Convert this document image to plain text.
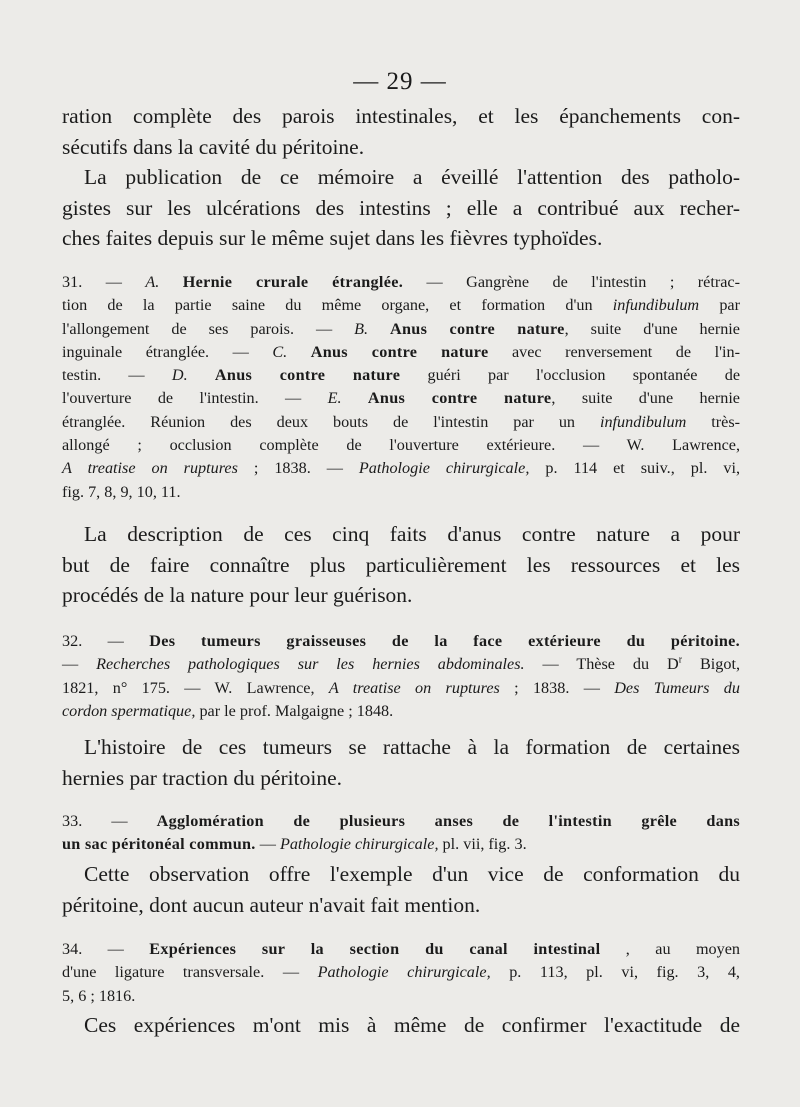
— 29 —
ration complète des parois intestinales, et les épanchements con-
sécutifs dans la cavité du péritoine.
La publication de ce mémoire a éveillé l'attention des patholo-
gistes sur les ulcérations des intestins ; elle a contribué aux recher-
ches faites depuis sur le même sujet dans les fièvres typhoïdes.
31. — A. Hernie crurale étranglée. — Gangrène de l'intestin ; rétrac-
tion de la partie saine du même organe, et formation d'un infundibulum par
l'allongement de ses parois. — B. Anus contre nature, suite d'une hernie
inguinale étranglée. — C. Anus contre nature avec renversement de l'in-
testin. — D. Anus contre nature guéri par l'occlusion spontanée de
l'ouverture de l'intestin. — E. Anus contre nature, suite d'une hernie
étranglée. Réunion des deux bouts de l'intestin par un infundibulum très-
allongé ; occlusion complète de l'ouverture extérieure. — W. Lawrence,
A treatise on ruptures ; 1838. — Pathologie chirurgicale, p. 114 et suiv., pl. vi,
fig. 7, 8, 9, 10, 11.
La description de ces cinq faits d'anus contre nature a pour
but de faire connaître plus particulièrement les ressources et les
procédés de la nature pour leur guérison.
32. — Des tumeurs graisseuses de la face extérieure du péritoine.
— Recherches pathologiques sur les hernies abdominales. — Thèse du $D^r$ Bigot,
1821, n° 175. — W. Lawrence, A treatise on ruptures ; 1838. — Des Tumeurs du
cordon spermatique, par le prof. Malgaigne ; 1848.
L'histoire de ces tumeurs se rattache à la formation de certaines
hernies par traction du péritoine.
33. — Agglomération de plusieurs anses de l'intestin grêle dans
un sac péritonéal commun. — Pathologie chirurgicale, pl. vii, fig. 3.
Cette observation offre l'exemple d'un vice de conformation du
péritoine, dont aucun auteur n'avait fait mention.
34. — Expériences sur la section du canal intestinal , au moyen
d'une ligature transversale. — Pathologie chirurgicale, p. 113, pl. vi, fig. 3, 4,
5, 6 ; 1816.
Ces expériences m'ont mis à même de confirmer l'exactitude de
